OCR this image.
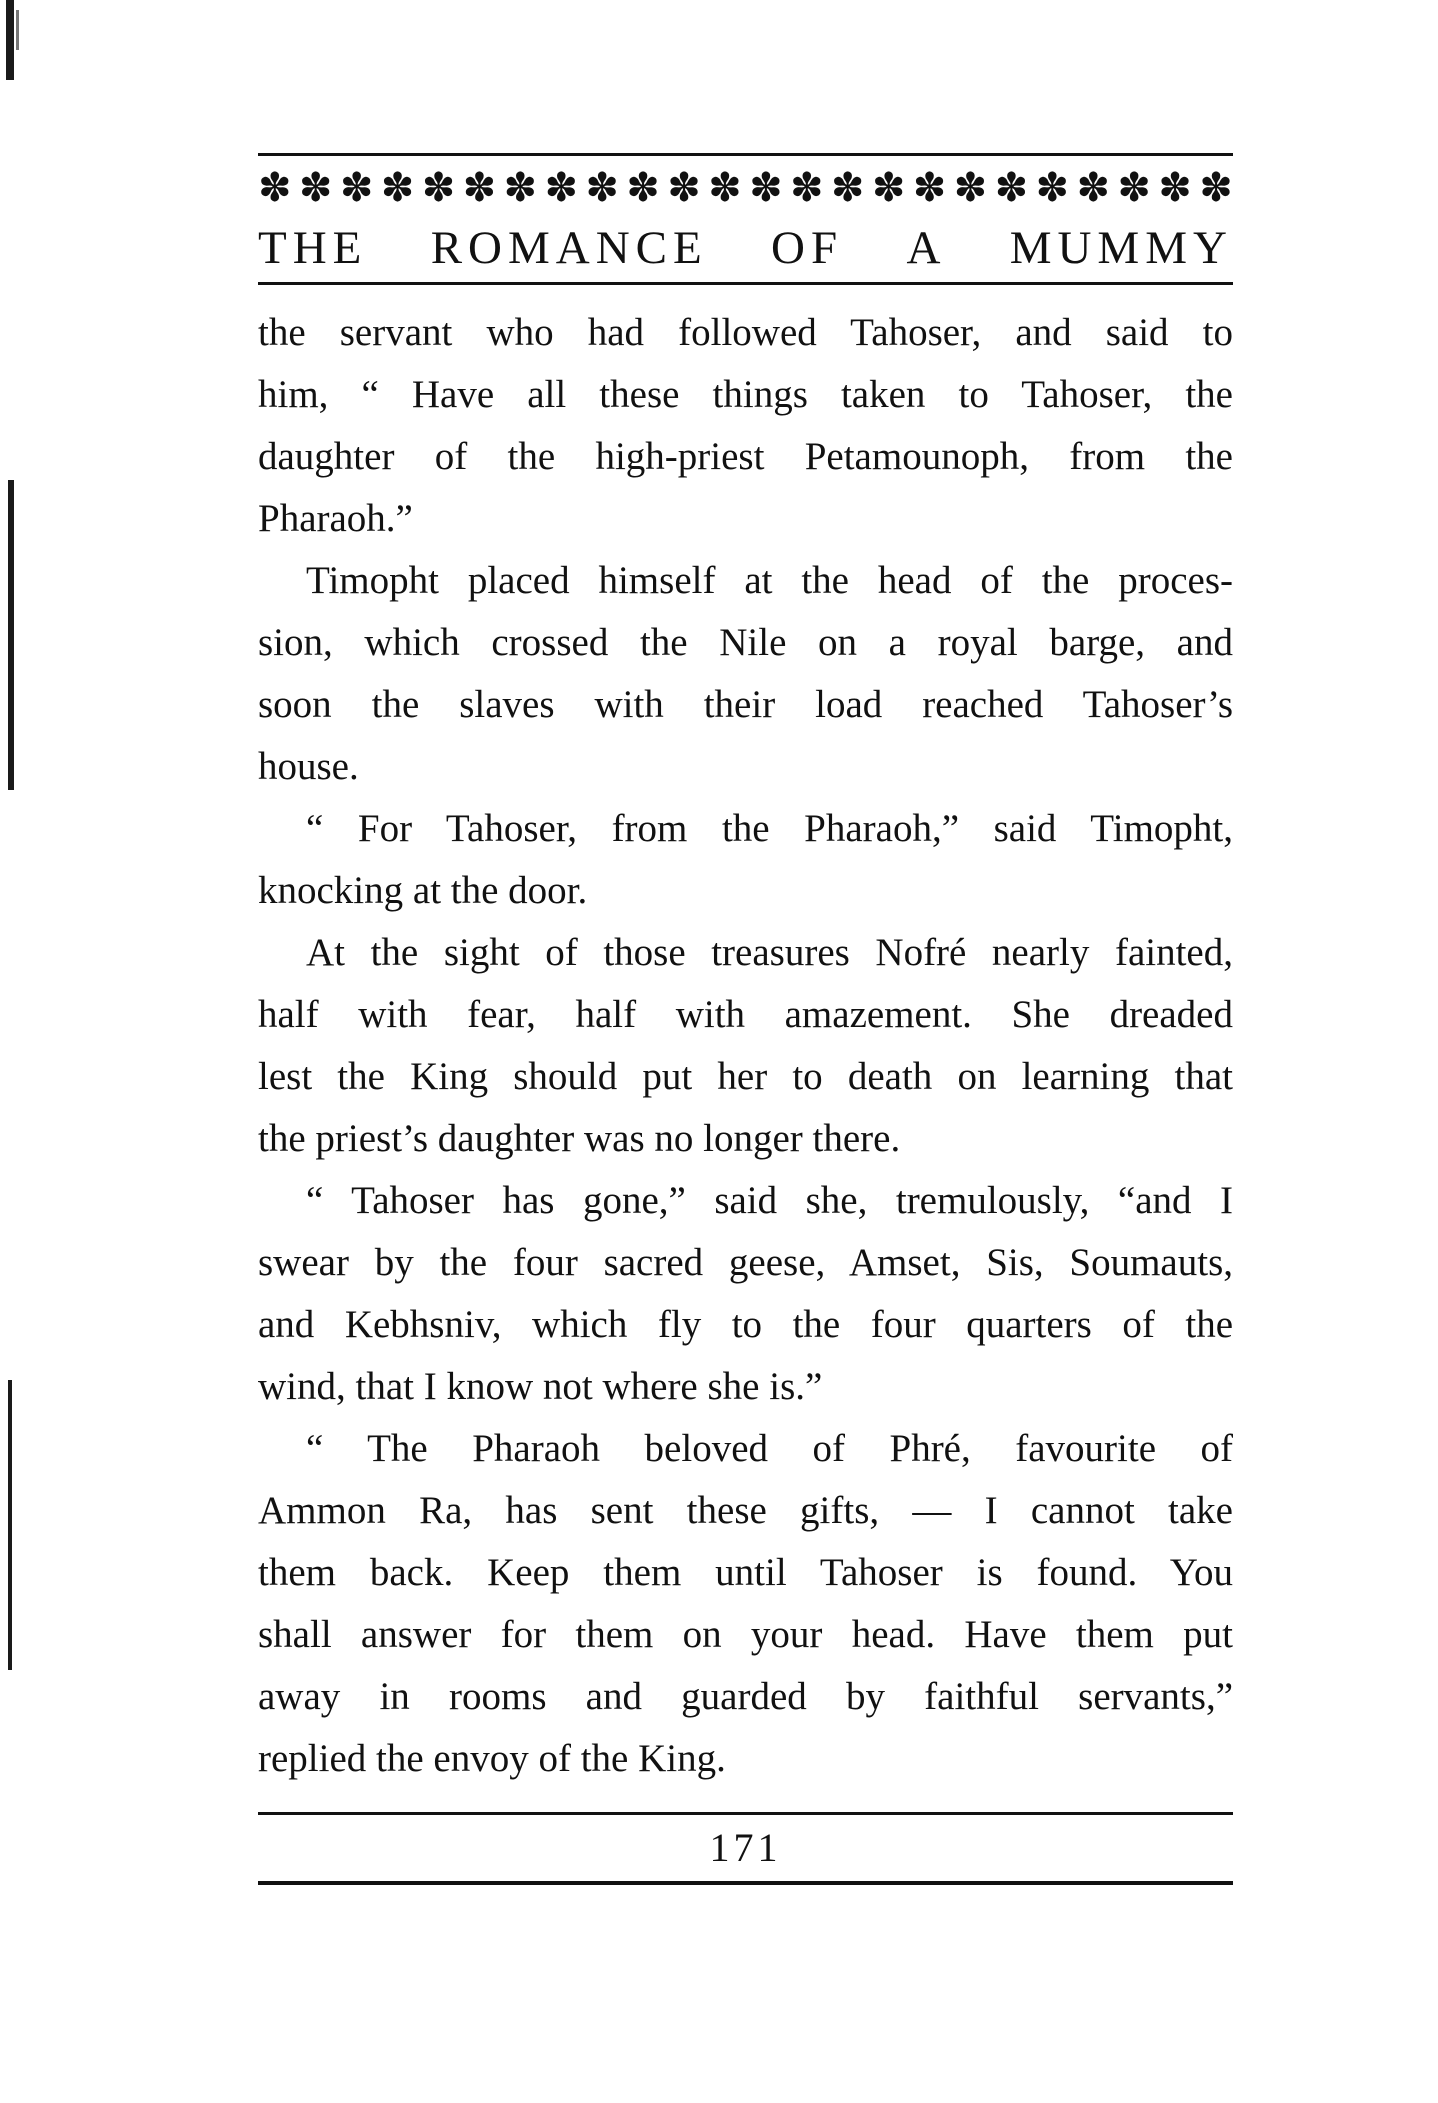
✽ ✽ ✽ ✽ ✽ ✽ ✽ ✽ ✽ ✽ ✽ ✽ ✽ ✽ ✽ ✽ ✽ ✽ ✽ ✽ ✽ ✽ ✽ ✽
THE ROMANCE OF A MUMMY
the servant who had followed Tahoser, and said to
him, “ Have all these things taken to Tahoser, the
daughter of the high-priest Petamounoph, from the
Pharaoh.”
Timopht placed himself at the head of the proces-
sion, which crossed the Nile on a royal barge, and
soon the slaves with their load reached Tahoser’s
house.
“ For Tahoser, from the Pharaoh,” said Timopht,
knocking at the door.
At the sight of those treasures Nofré nearly fainted,
half with fear, half with amazement. She dreaded
lest the King should put her to death on learning that
the priest’s daughter was no longer there.
“ Tahoser has gone,” said she, tremulously, “and I
swear by the four sacred geese, Amset, Sis, Soumauts,
and Kebhsniv, which fly to the four quarters of the
wind, that I know not where she is.”
“ The Pharaoh beloved of Phré, favourite of
Ammon Ra, has sent these gifts, — I cannot take
them back. Keep them until Tahoser is found. You
shall answer for them on your head. Have them put
away in rooms and guarded by faithful servants,”
replied the envoy of the King.
171
